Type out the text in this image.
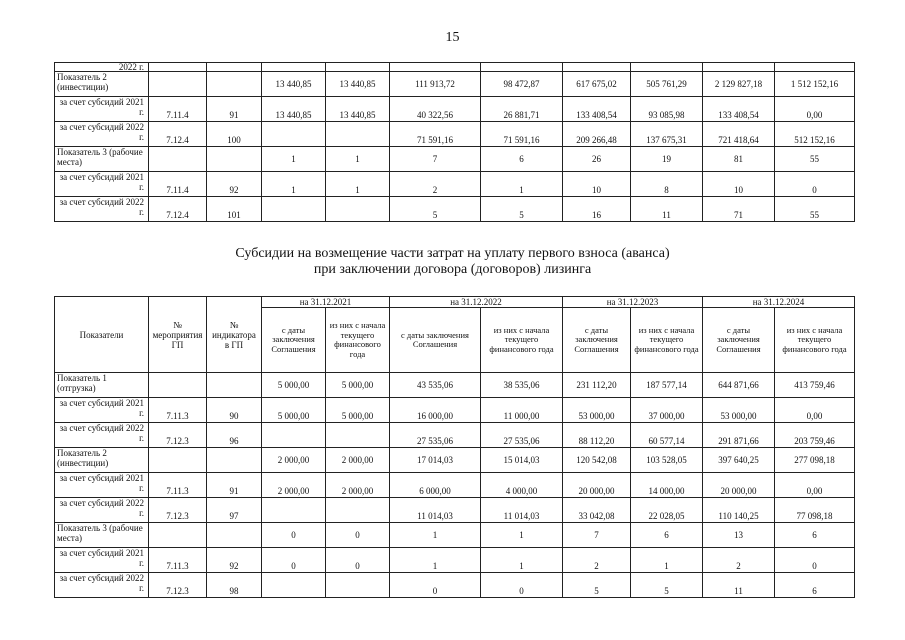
15
2022 г.										
Показатель 2 (инвестиции)			13 440,85	13 440,85	111 913,72	98 472,87	617 675,02	505 761,29	2 129 827,18	1 512 152,16
за счет субсидий 2021 г.	7.11.4	91	13 440,85	13 440,85	40 322,56	26 881,71	133 408,54	93 085,98	133 408,54	0,00
за счет субсидий 2022 г.	7.12.4	100			71 591,16	71 591,16	209 266,48	137 675,31	721 418,64	512 152,16
Показатель 3 (рабочие места)			1	1	7	6	26	19	81	55
за счет субсидий 2021 г.	7.11.4	92	1	1	2	1	10	8	10	0
за счет субсидий 2022 г.	7.12.4	101			5	5	16	11	71	55
Субсидии на возмещение части затрат на уплату первого взноса (аванса)
при заключении договора (договоров) лизинга
Показатели	№ мероприятия ГП	№ индикатора в ГП	на 31.12.2021		на 31.12.2022		на 31.12.2023		на 31.12.2024	
			с даты заключения Соглашения	из них с начала текущего финансового года	с даты заключения Соглашения	из них с начала текущего финансового года	с даты заключения Соглашения	из них с начала текущего финансового года	с даты заключения Соглашения	из них с начала текущего финансового года
Показатель 1 (отгрузка)			5 000,00	5 000,00	43 535,06	38 535,06	231 112,20	187 577,14	644 871,66	413 759,46
за счет субсидий 2021 г.	7.11.3	90	5 000,00	5 000,00	16 000,00	11 000,00	53 000,00	37 000,00	53 000,00	0,00
за счет субсидий 2022 г.	7.12.3	96			27 535,06	27 535,06	88 112,20	60 577,14	291 871,66	203 759,46
Показатель 2 (инвестиции)			2 000,00	2 000,00	17 014,03	15 014,03	120 542,08	103 528,05	397 640,25	277 098,18
за счет субсидий 2021 г.	7.11.3	91	2 000,00	2 000,00	6 000,00	4 000,00	20 000,00	14 000,00	20 000,00	0,00
за счет субсидий 2022 г.	7.12.3	97			11 014,03	11 014,03	33 042,08	22 028,05	110 140,25	77 098,18
Показатель 3 (рабочие места)			0	0	1	1	7	6	13	6
за счет субсидий 2021 г.	7.11.3	92	0	0	1	1	2	1	2	0
за счет субсидий 2022 г.	7.12.3	98			0	0	5	5	11	6
